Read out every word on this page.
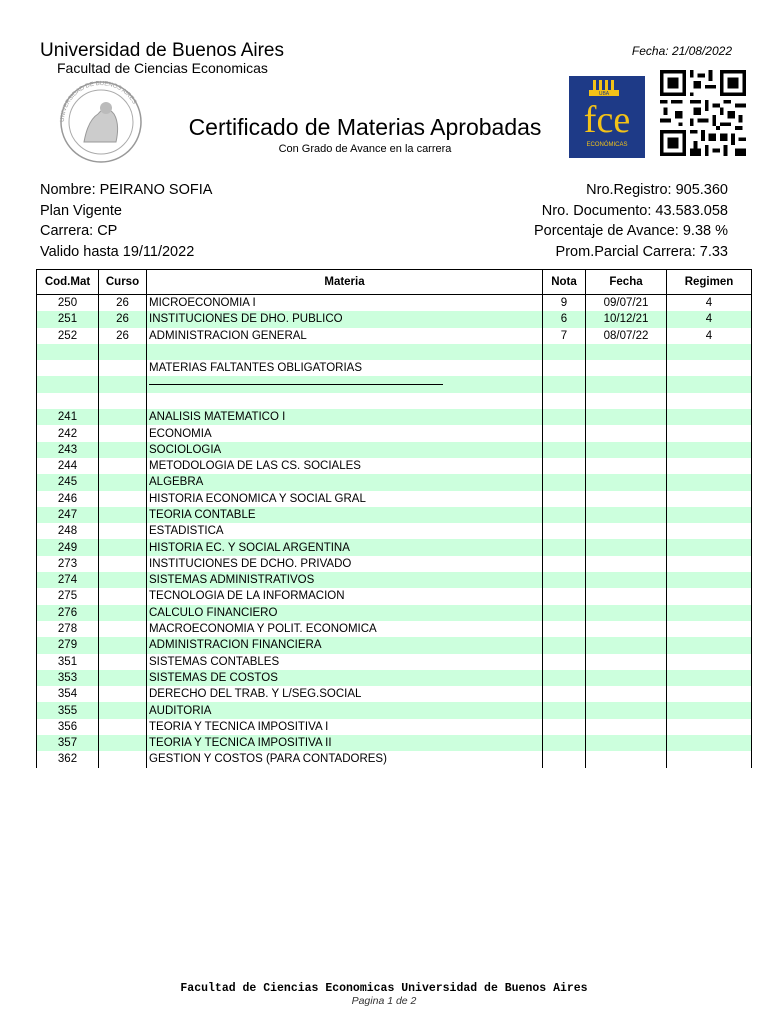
Universidad de Buenos Aires
Facultad de Ciencias Economicas
Fecha: 21/08/2022
UNIVERSIDAD DE BUENOS AIRES
Certificado de Materias Aprobadas
Con Grado de Avance en la carrera
UBA
fce
ECONÓMICAS
Nombre: PEIRANO SOFIA
Plan Vigente
Carrera: CP
Valido hasta 19/11/2022
Nro.Registro: 905.360
Nro. Documento: 43.583.058
Porcentaje de Avance: 9.38 %
Prom.Parcial Carrera: 7.33
Cod.Mat	Curso	Materia	Nota	Fecha	Regimen
250	26	MICROECONOMIA I	9	09/07/21	4
251	26	INSTITUCIONES DE DHO. PUBLICO	6	10/12/21	4
252	26	ADMINISTRACION GENERAL	7	08/07/22	4

		MATERIAS FALTANTES OBLIGATORIAS			

241		ANALISIS MATEMATICO I			
242		ECONOMIA			
243		SOCIOLOGIA			
244		METODOLOGIA DE LAS CS. SOCIALES			
245		ALGEBRA			
246		HISTORIA ECONOMICA Y SOCIAL GRAL			
247		TEORIA CONTABLE			
248		ESTADISTICA			
249		HISTORIA EC. Y SOCIAL ARGENTINA			
273		INSTITUCIONES DE DCHO. PRIVADO			
274		SISTEMAS ADMINISTRATIVOS			
275		TECNOLOGIA DE LA INFORMACION			
276		CALCULO FINANCIERO			
278		MACROECONOMIA Y POLIT. ECONOMICA			
279		ADMINISTRACION FINANCIERA			
351		SISTEMAS CONTABLES			
353		SISTEMAS DE COSTOS			
354		DERECHO DEL TRAB. Y L/SEG.SOCIAL			
355		AUDITORIA			
356		TEORIA Y TECNICA IMPOSITIVA I			
357		TEORIA Y TECNICA IMPOSITIVA II			
362		GESTION Y COSTOS (PARA CONTADORES)			
Facultad de Ciencias Economicas Universidad de Buenos Aires
Pagina 1 de 2
